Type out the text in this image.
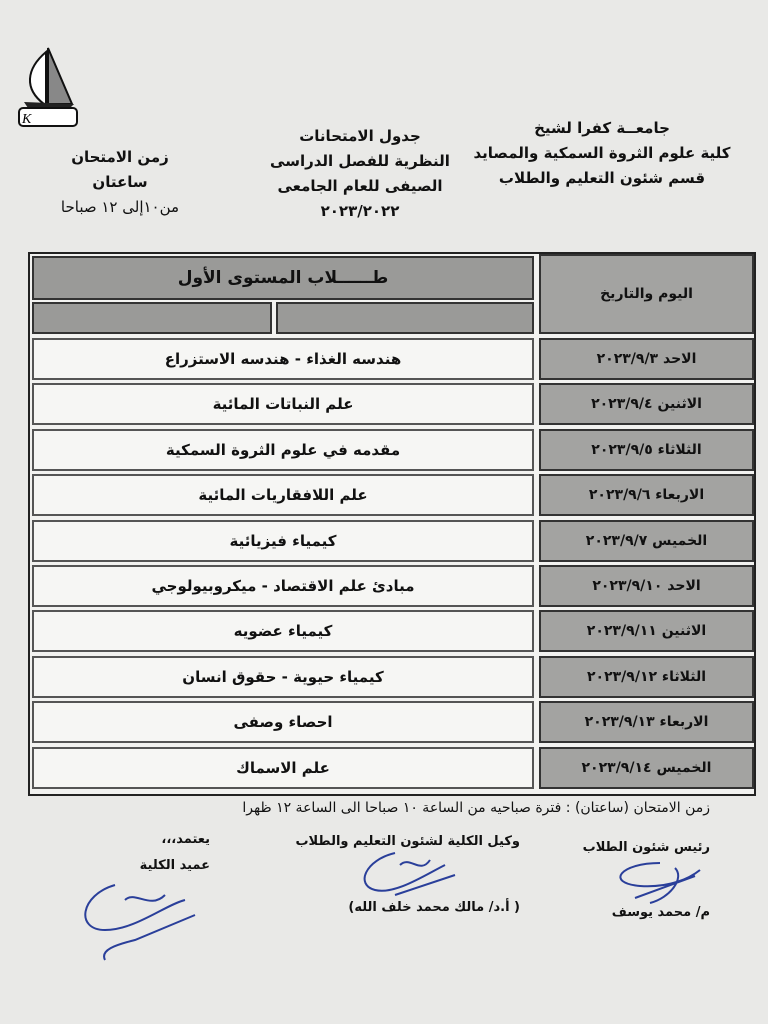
K	جامعــة كفرا لشيخ
كلية علوم الثروة السمكية والمصايد
قسم شئون التعليم والطلاب
جدول الامتحانات
النظرية للفصل الدراسى
الصيفى للعام الجامعى
٢٠٢٣/٢٠٢٢
زمن الامتحان
ساعتان
من١٠إلى ١٢ صباحا
اليوم والتاريخ
طــــــلاب المستوى الأول
الاحد

٢٠٢٣/٩/٣
هندسه الغذاء - هندسه الاستزراع
الاثنين

٢٠٢٣/٩/٤
علم النباتات المائية
الثلاثاء

٢٠٢٣/٩/٥
مقدمه في علوم الثروة السمكية
الاربعاء

٢٠٢٣/٩/٦
علم اللافقاريات المائية
الخميس

٢٠٢٣/٩/٧
كيمياء فيزيائية
الاحد

٢٠٢٣/٩/١٠
مبادئ علم الاقتصاد - ميكروبيولوجي
الاثنين

٢٠٢٣/٩/١١
كيمياء عضويه
الثلاثاء

٢٠٢٣/٩/١٢
كيمياء حيوية - حقوق انسان
الاربعاء

٢٠٢٣/٩/١٣
احصاء وصفى
الخميس

٢٠٢٣/٩/١٤
علم الاسماك
زمن الامتحان (ساعتان) : فترة صباحيه من الساعة ١٠ صباحا الى الساعة ١٢ ظهرا
رئيس شئون الطلاب
م/ محمد يوسف
وكيل الكلية لشئون التعليم والطلاب
( أ.د/ مالك محمد خلف الله)
يعتمد،،،
عميد الكلية
